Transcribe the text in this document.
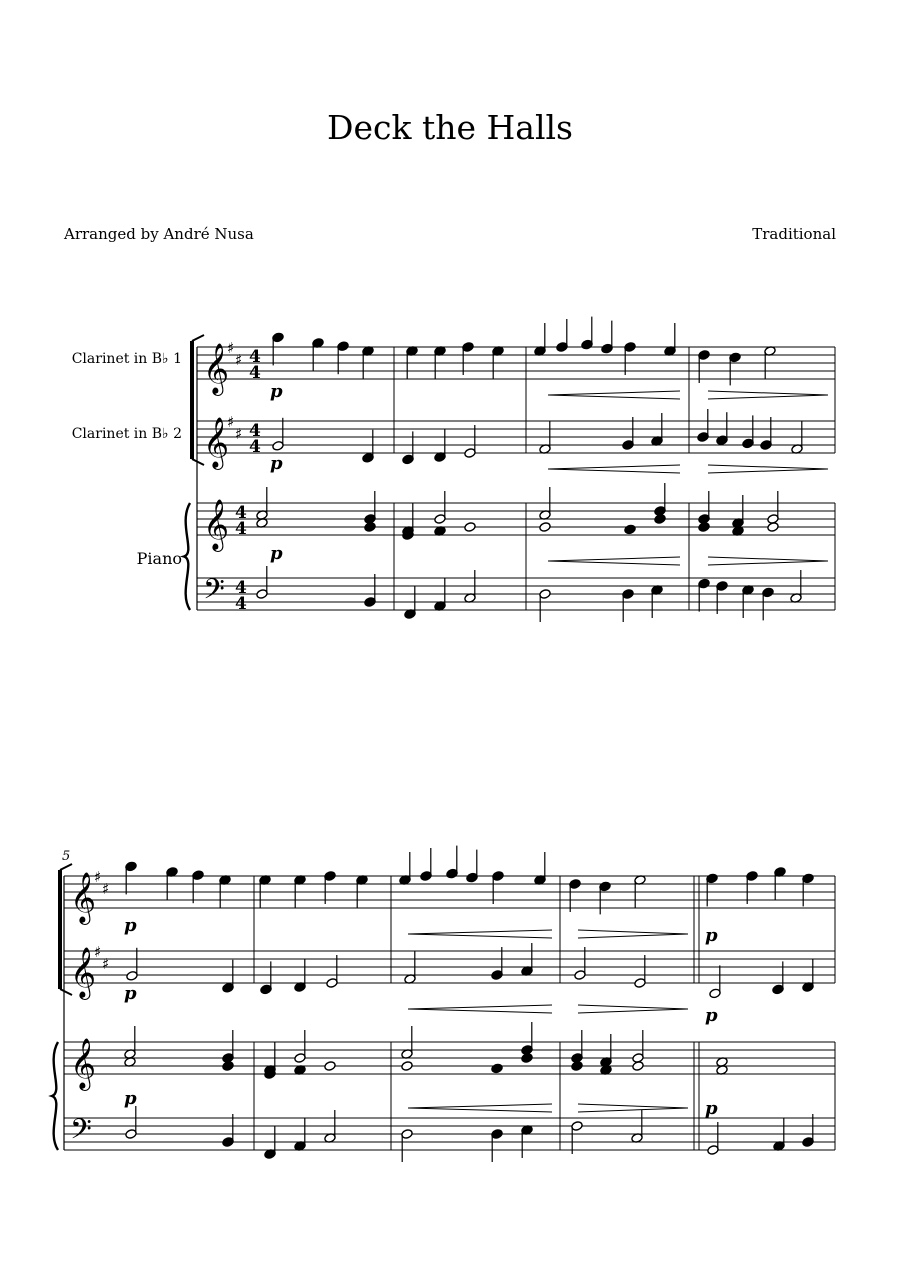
Deck the Halls
Arranged by André Nusa	Traditional
Clarinet in B♭ 1
Clarinet in B♭ 2
Piano
5
𝄞
♯
♯ 4
4
𝄞
♯
♯ 4
4
𝄞 4
4
𝄢 4
4
p
p
p
𝄞
♯
♯
𝄞
♯
♯
𝄞
𝄢
p	p
p
p
p	p
